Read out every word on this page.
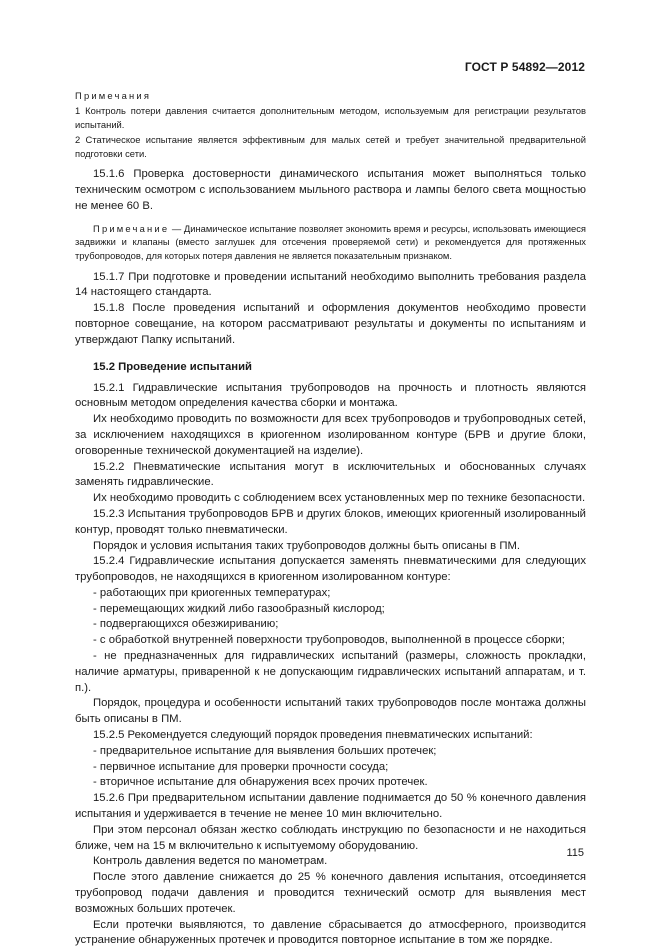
ГОСТ Р 54892—2012
Примечания
1 Контроль потери давления считается дополнительным методом, используемым для регистрации результатов испытаний.
2 Статическое испытание является эффективным для малых сетей и требует значительной предварительной подготовки сети.

15.1.6 Проверка достоверности динамического испытания может выполняться только техническим осмотром с использованием мыльного раствора и лампы белого света мощностью не менее 60 В.

Примечание — Динамическое испытание позволяет экономить время и ресурсы, использовать имеющиеся задвижки и клапаны (вместо заглушек для отсечения проверяемой сети) и рекомендуется для протяженных трубопроводов, для которых потеря давления не является показательным признаком.

15.1.7 При подготовке и проведении испытаний необходимо выполнить требования раздела 14 настоящего стандарта.

15.1.8 После проведения испытаний и оформления документов необходимо провести повторное совещание, на котором рассматривают результаты и документы по испытаниям и утверждают Папку испытаний.

15.2 Проведение испытаний

15.2.1 Гидравлические испытания трубопроводов на прочность и плотность являются основным методом определения качества сборки и монтажа.

Их необходимо проводить по возможности для всех трубопроводов и трубопроводных сетей, за исключением находящихся в криогенном изолированном контуре (БРВ и другие блоки, оговоренные технической документацией на изделие).

15.2.2 Пневматические испытания могут в исключительных и обоснованных случаях заменять гидравлические.

Их необходимо проводить с соблюдением всех установленных мер по технике безопасности.

15.2.3 Испытания трубопроводов БРВ и других блоков, имеющих криогенный изолированный контур, проводят только пневматически.

Порядок и условия испытания таких трубопроводов должны быть описаны в ПМ.

15.2.4 Гидравлические испытания допускается заменять пневматическими для следующих трубопроводов, не находящихся в криогенном изолированном контуре:

- работающих при криогенных температурах;

- перемещающих жидкий либо газообразный кислород;

- подвергающихся обезжириванию;

- с обработкой внутренней поверхности трубопроводов, выполненной в процессе сборки;

- не предназначенных для гидравлических испытаний (размеры, сложность прокладки, наличие арматуры, приваренной к не допускающим гидравлических испытаний аппаратам, и т. п.).

Порядок, процедура и особенности испытаний таких трубопроводов после монтажа должны быть описаны в ПМ.

15.2.5 Рекомендуется следующий порядок проведения пневматических испытаний:

- предварительное испытание для выявления больших протечек;

- первичное испытание для проверки прочности сосуда;

- вторичное испытание для обнаружения всех прочих протечек.

15.2.6 При предварительном испытании давление поднимается до 50 % конечного давления испытания и удерживается в течение не менее 10 мин включительно.

При этом персонал обязан жестко соблюдать инструкцию по безопасности и не находиться ближе, чем на 15 м включительно к испытуемому оборудованию.

Контроль давления ведется по манометрам.

После этого давление снижается до 25 % конечного давления испытания, отсоединяется трубопровод подачи давления и проводится технический осмотр для выявления мест возможных больших протечек.

Если протечки выявляются, то давление сбрасывается до атмосферного, производится устранение обнаруженных протечек и проводится повторное испытание в том же порядке.

115
